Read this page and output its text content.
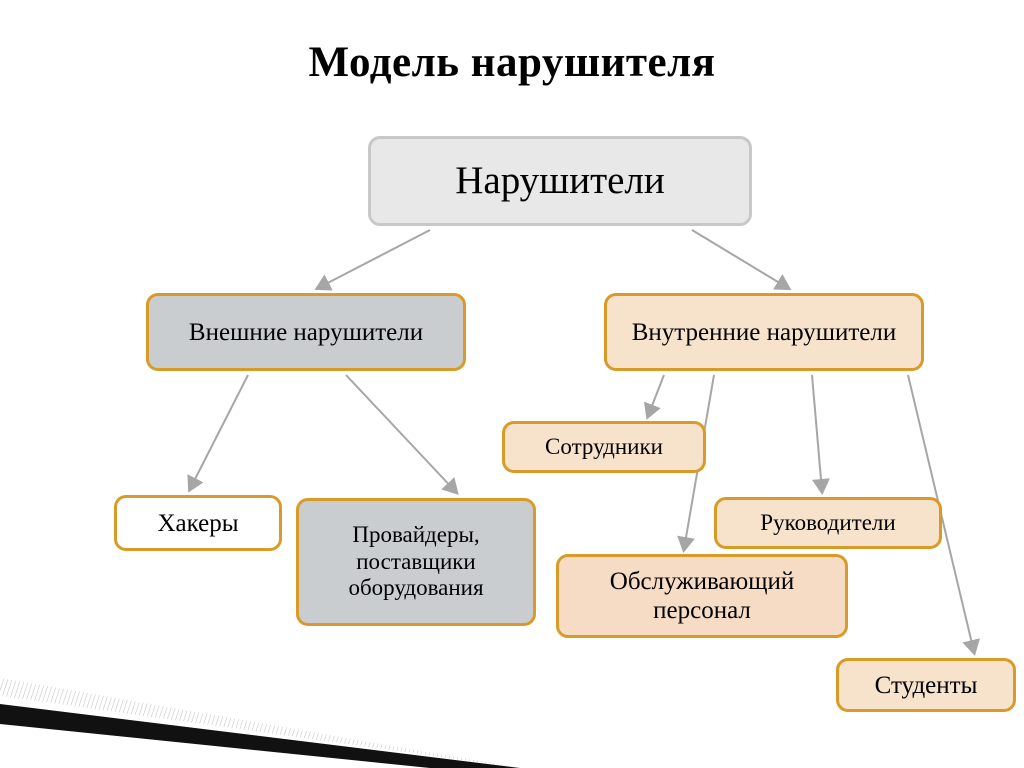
Модель нарушителя
Нарушители
Внешние нарушители	Внутренние нарушители
Хакеры	Провайдеры, поставщики оборудования
Сотрудники
Руководители
Обслуживающий персонал
Студенты
